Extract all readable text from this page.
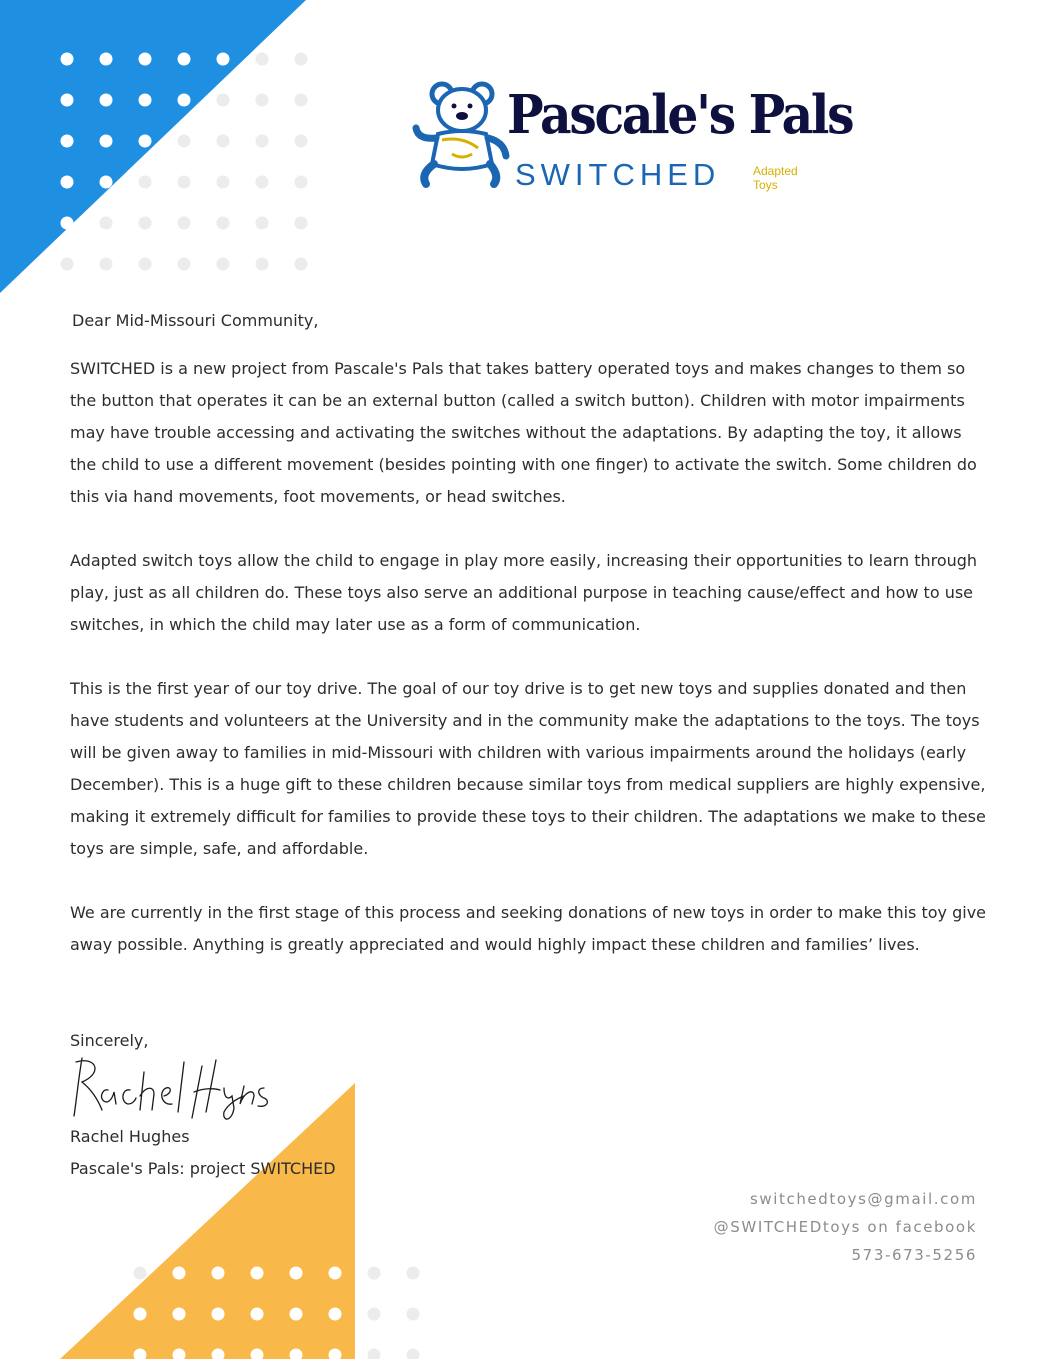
Pascale's Pals
SWITCHED	Adapted
Toys

Dear Mid-Missouri Community,

SWITCHED is a new project from Pascale's Pals that takes battery operated toys and makes changes to them so the button that operates it can be an external button (called a switch button). Children with motor impairments may have trouble accessing and activating the switches without the adaptations. By adapting the toy, it allows the child to use a different movement (besides pointing with one finger) to activate the switch. Some children do this via hand movements, foot movements, or head switches.

Adapted switch toys allow the child to engage in play more easily, increasing their opportunities to learn through play, just as all children do. These toys also serve an additional purpose in teaching cause/effect and how to use switches, in which the child may later use as a form of communication.

This is the first year of our toy drive. The goal of our toy drive is to get new toys and supplies donated and then have students and volunteers at the University and in the community make the adaptations to the toys. The toys will be given away to families in mid-Missouri with children with various impairments around the holidays (early December). This is a huge gift to these children because similar toys from medical suppliers are highly expensive, making it extremely difficult for families to provide these toys to their children. The adaptations we make to these toys are simple, safe, and affordable.

We are currently in the first stage of this process and seeking donations of new toys in order to make this toy give away possible. Anything is greatly appreciated and would highly impact these children and families’ lives.

Sincerely,
Rachel Hughes
Pascale's Pals: project SWITCHED
switchedtoys@gmail.com
@SWITCHEDtoys on facebook
573-673-5256
